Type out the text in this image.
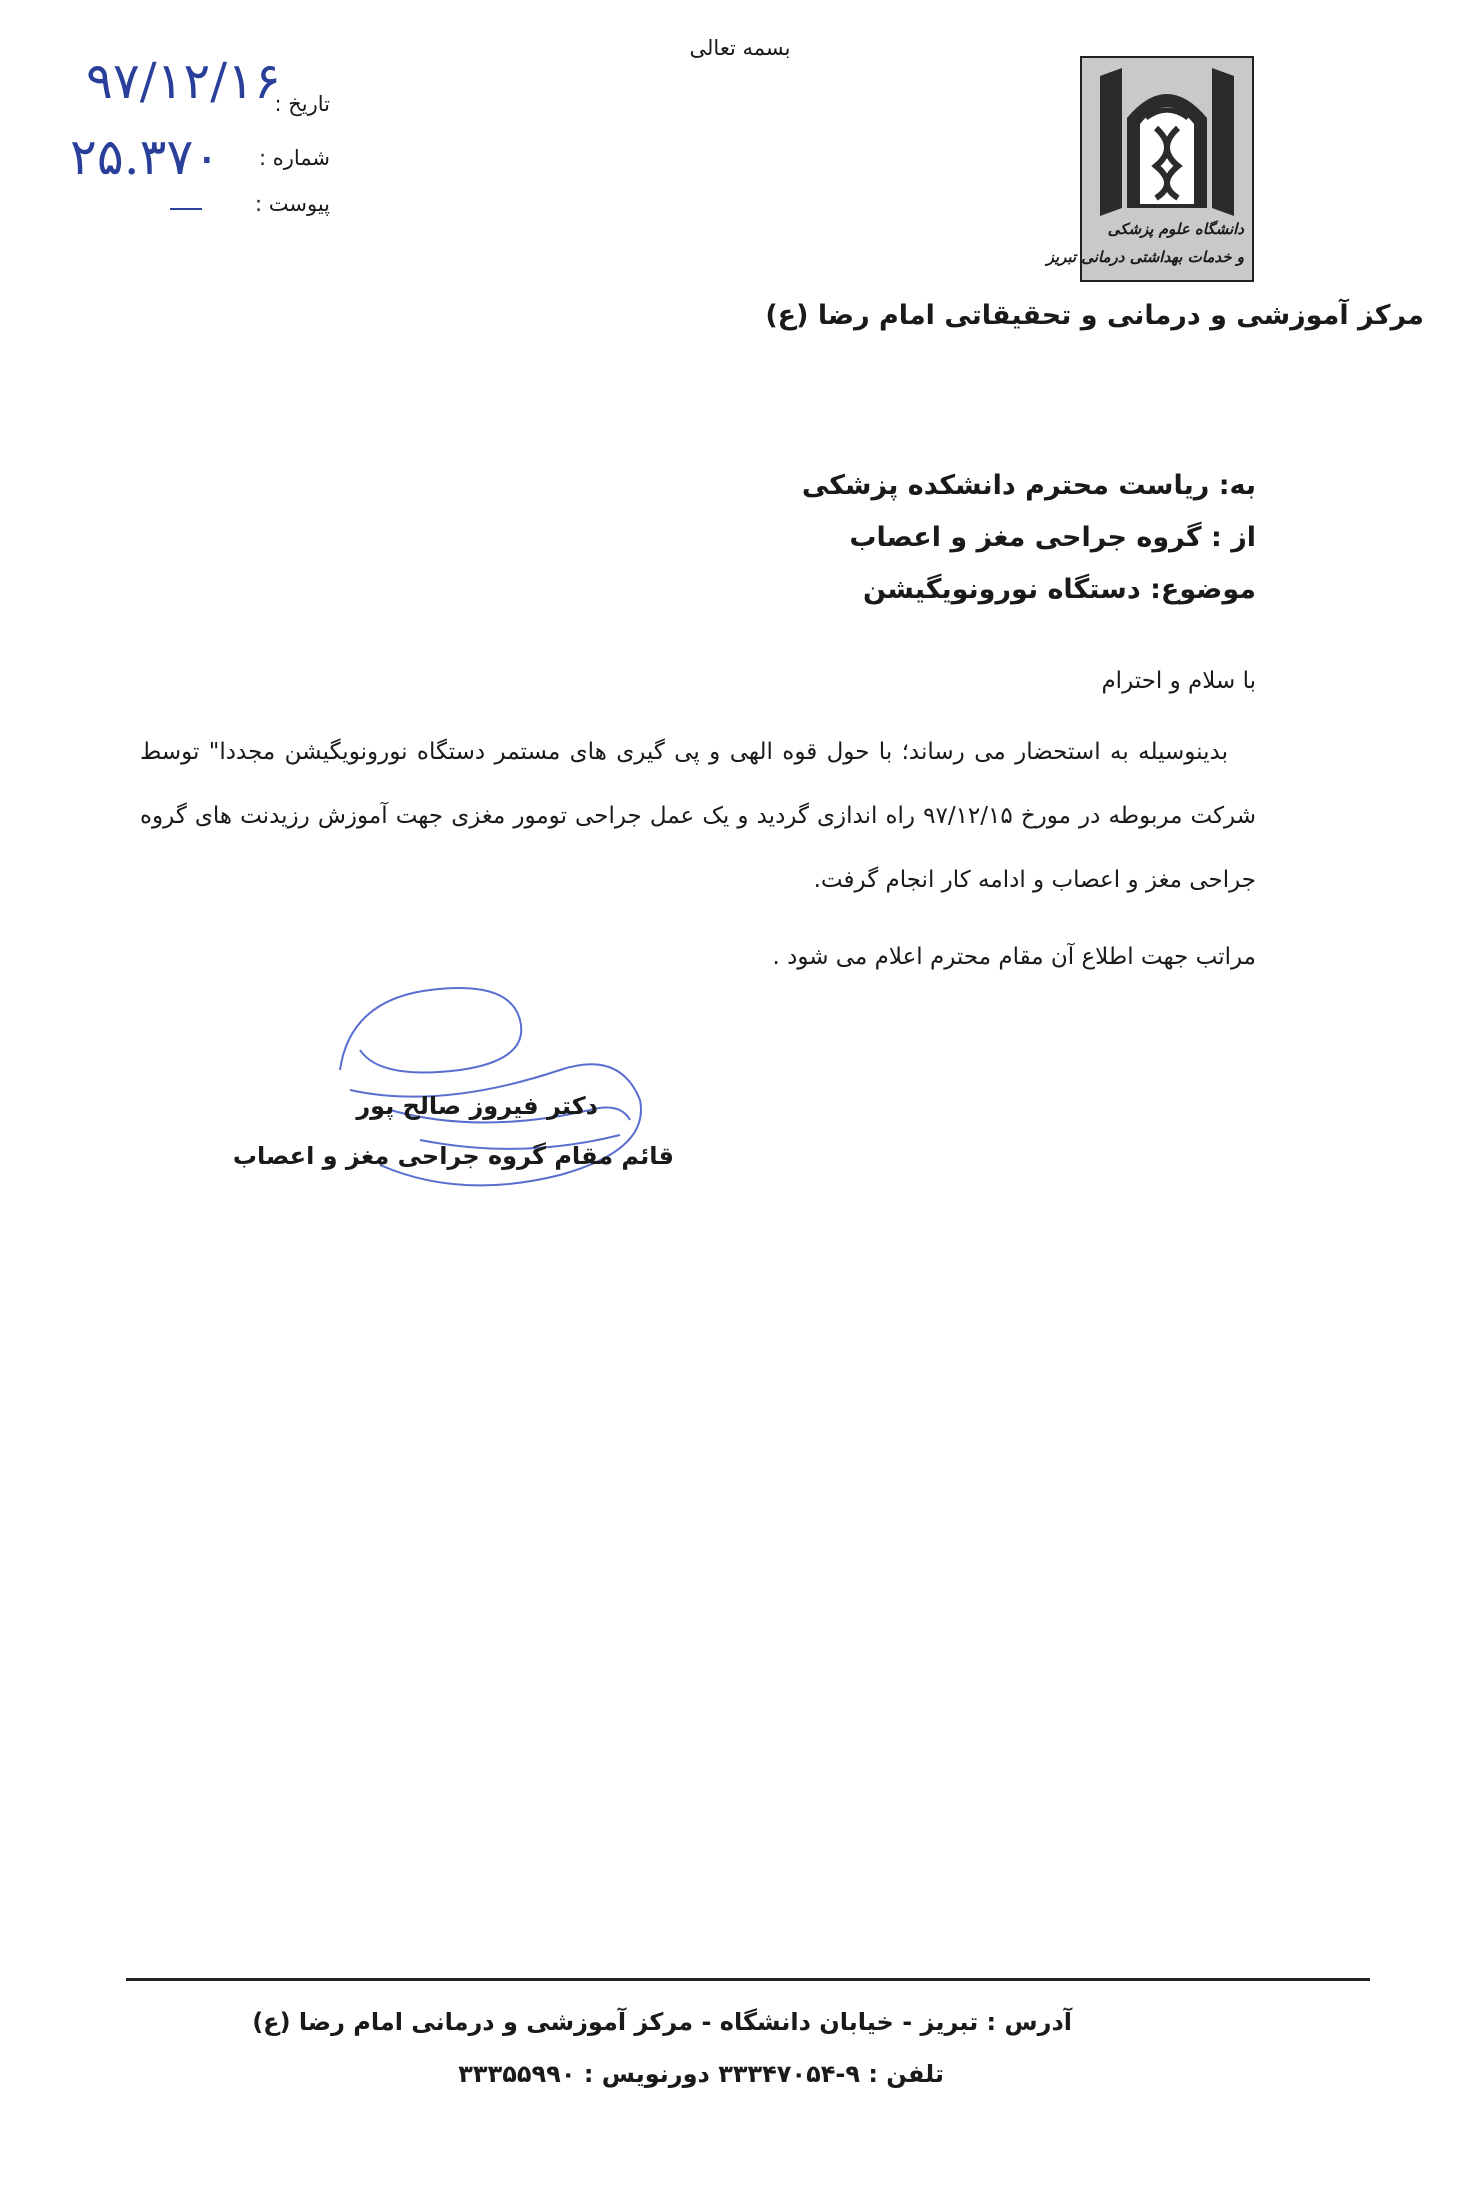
بسمه تعالی
تاریخ :
شماره :
پیوست :
۹۷/۱۲/۱۶
۲۵.۳۷۰
دانشگاه علوم پزشکی
و خدمات بهداشتی درمانی تبریز
مرکز آموزشی و درمانی و تحقیقاتی امام رضا (ع)
به: ریاست محترم دانشکده پزشکی
از : گروه جراحی مغز و اعصاب
موضوع: دستگاه نورونویگیشن
با سلام و احترام
بدینوسیله به استحضار می رساند؛ با حول قوه الهی و پی گیری های مستمر دستگاه نورونویگیشن مجددا" توسط شرکت مربوطه در مورخ ۹۷/۱۲/۱۵ راه اندازی گردید و یک عمل جراحی تومور مغزی جهت آموزش رزیدنت های گروه جراحی مغز و اعصاب و ادامه کار انجام گرفت.
مراتب جهت اطلاع آن مقام محترم اعلام می شود .
دکتر فیروز صالح پور
قائم مقام گروه جراحی مغز و اعصاب
آدرس : تبریز - خیابان دانشگاه - مرکز آموزشی و درمانی امام رضا (ع)
تلفن : ۹-۳۳۳۴۷۰۵۴ دورنویس : ۳۳۳۵۵۹۹۰
